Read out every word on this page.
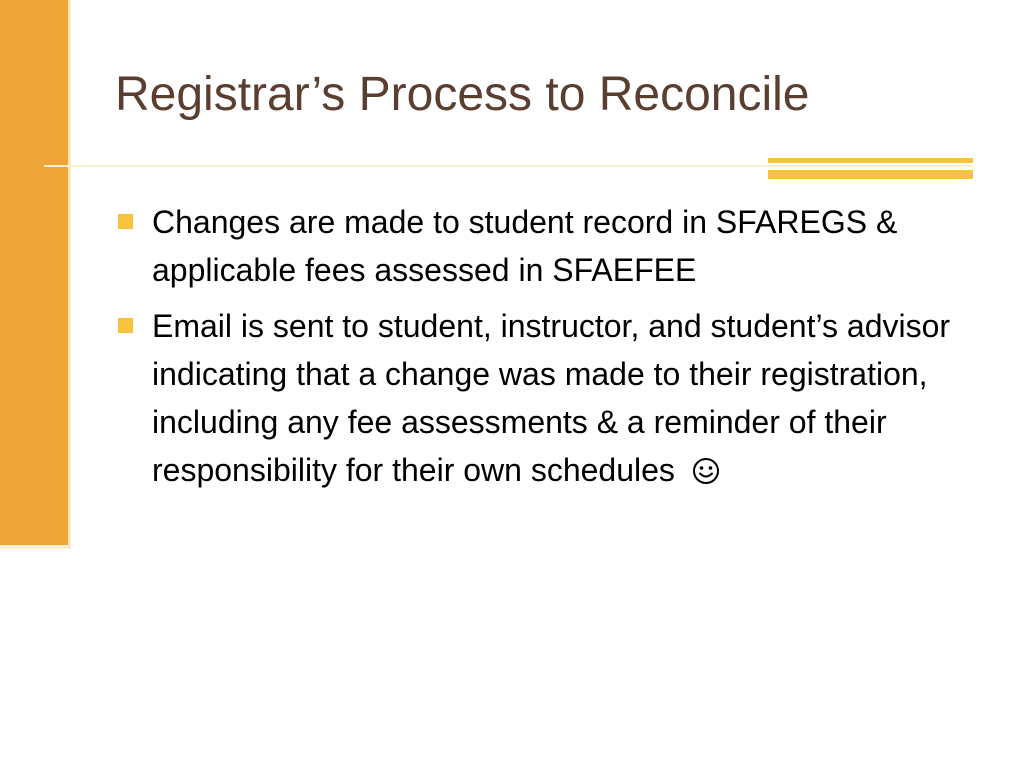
Registrar’s Process to Reconcile
Changes are made to student record in SFAREGS & applicable fees assessed in SFAEFEE
Email is sent to student, instructor, and student’s advisor indicating that a change was made to their registration, including any fee assessments & a reminder of their responsibility for their own schedules
